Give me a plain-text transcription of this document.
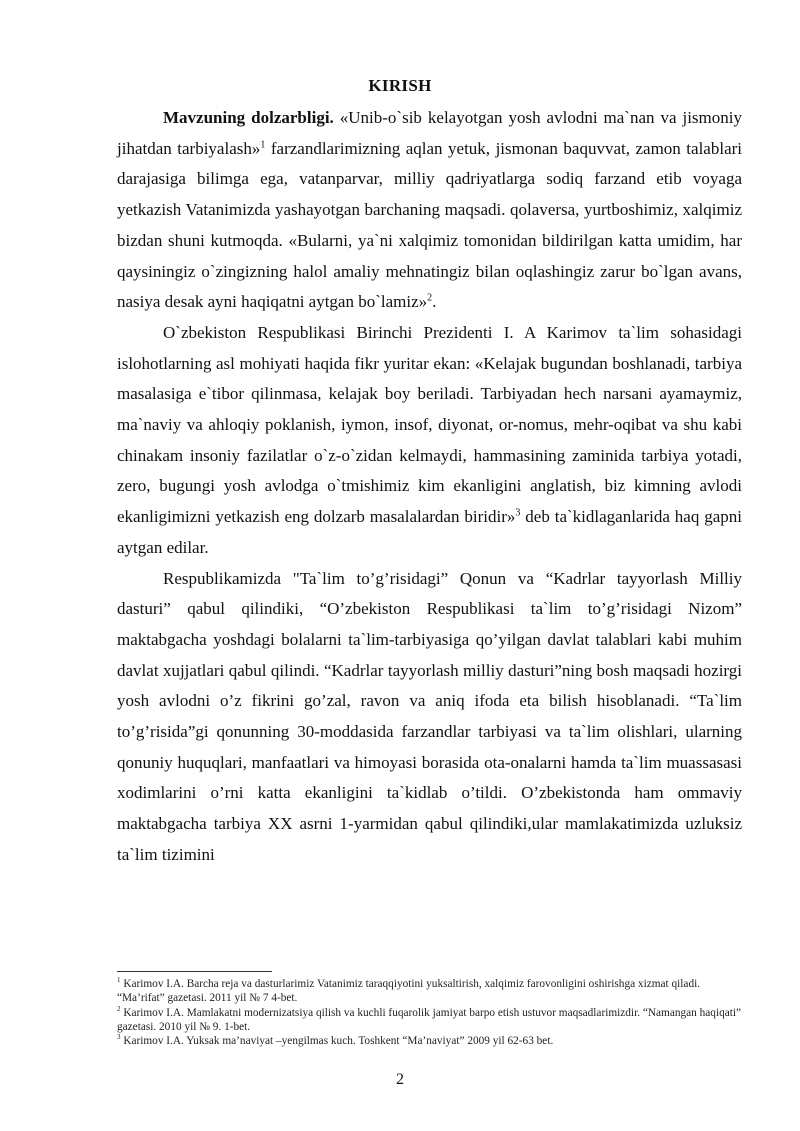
KIRISH

Mavzuning dolzarbligi. «Unib-o`sib kelayotgan yosh avlodni ma`nan va jismoniy jihatdan tarbiyalash»$^1$ farzandlarimizning aqlan yetuk, jismonan baquvvat, zamon talablari darajasiga bilimga ega, vatanparvar, milliy qadriyatlarga sodiq farzand etib voyaga yetkazish Vatanimizda yashayotgan barchaning maqsadi. qolaversa, yurtboshimiz, xalqimiz bizdan shuni kutmoqda. «Bularni, ya`ni xalqimiz tomonidan bildirilgan katta umidim, har qaysiningiz o`zingizning halol amaliy mehnatingiz bilan oqlashingiz zarur bo`lgan avans, nasiya desak ayni haqiqatni aytgan bo`lamiz»$^2$.

O`zbekiston Respublikasi Birinchi Prezidenti I. A Karimov ta`lim sohasidagi islohotlarning asl mohiyati haqida fikr yuritar ekan: «Kelajak bugundan boshlanadi, tarbiya masalasiga e`tibor qilinmasa, kelajak boy beriladi. Tarbiyadan hech narsani ayamaymiz, ma`naviy va ahloqiy poklanish, iymon, insof, diyonat, or-nomus, mehr-oqibat va shu kabi chinakam insoniy fazilatlar o`z-o`zidan kelmaydi, hammasining zaminida tarbiya yotadi, zero, bugungi yosh avlodga o`tmishimiz kim ekanligini anglatish, biz kimning avlodi ekanligimizni yetkazish eng dolzarb masalalardan biridir»$^3$ deb ta`kidlaganlarida haq gapni aytgan edilar.

Respublikamizda "Ta`lim to’g’risidagi” Qonun va “Kadrlar tayyorlash Milliy dasturi” qabul qilindiki, “O’zbekiston Respublikasi ta`lim to’g’risidagi Nizom” maktabgacha yoshdagi bolalarni ta`lim-tarbiyasiga qo’yilgan davlat talablari kabi muhim davlat xujjatlari qabul qilindi. “Kadrlar tayyorlash milliy dasturi”ning bosh maqsadi hozirgi yosh avlodni o’z fikrini go’zal, ravon va aniq ifoda eta bilish hisoblanadi. “Ta`lim to’g’risida”gi qonunning 30-moddasida farzandlar tarbiyasi va ta`lim olishlari, ularning qonuniy huquqlari, manfaatlari va himoyasi borasida ota-onalarni hamda ta`lim muassasasi xodimlarini o’rni katta ekanligini ta`kidlab o’tildi. O’zbekistonda ham ommaviy maktabgacha tarbiya XX asrni 1-yarmidan qabul qilindiki,ular mamlakatimizda uzluksiz ta`lim tizimini

$^1$ Karimov I.A. Barcha reja va dasturlarimiz Vatanimiz taraqqiyotini yuksaltirish, xalqimiz farovonligini oshirishga xizmat qiladi. “Ma’rifat” gazetasi. 2011 yil № 7 4-bet.

$^2$ Karimov I.A. Mamlakatni modernizatsiya qilish va kuchli fuqarolik jamiyat barpo etish ustuvor maqsadlarimizdir. “Namangan haqiqati” gazetasi. 2010 yil № 9. 1-bet.

$^3$ Karimov I.A. Yuksak ma’naviyat –yengilmas kuch. Toshkent “Ma’naviyat” 2009 yil 62-63 bet.

2
